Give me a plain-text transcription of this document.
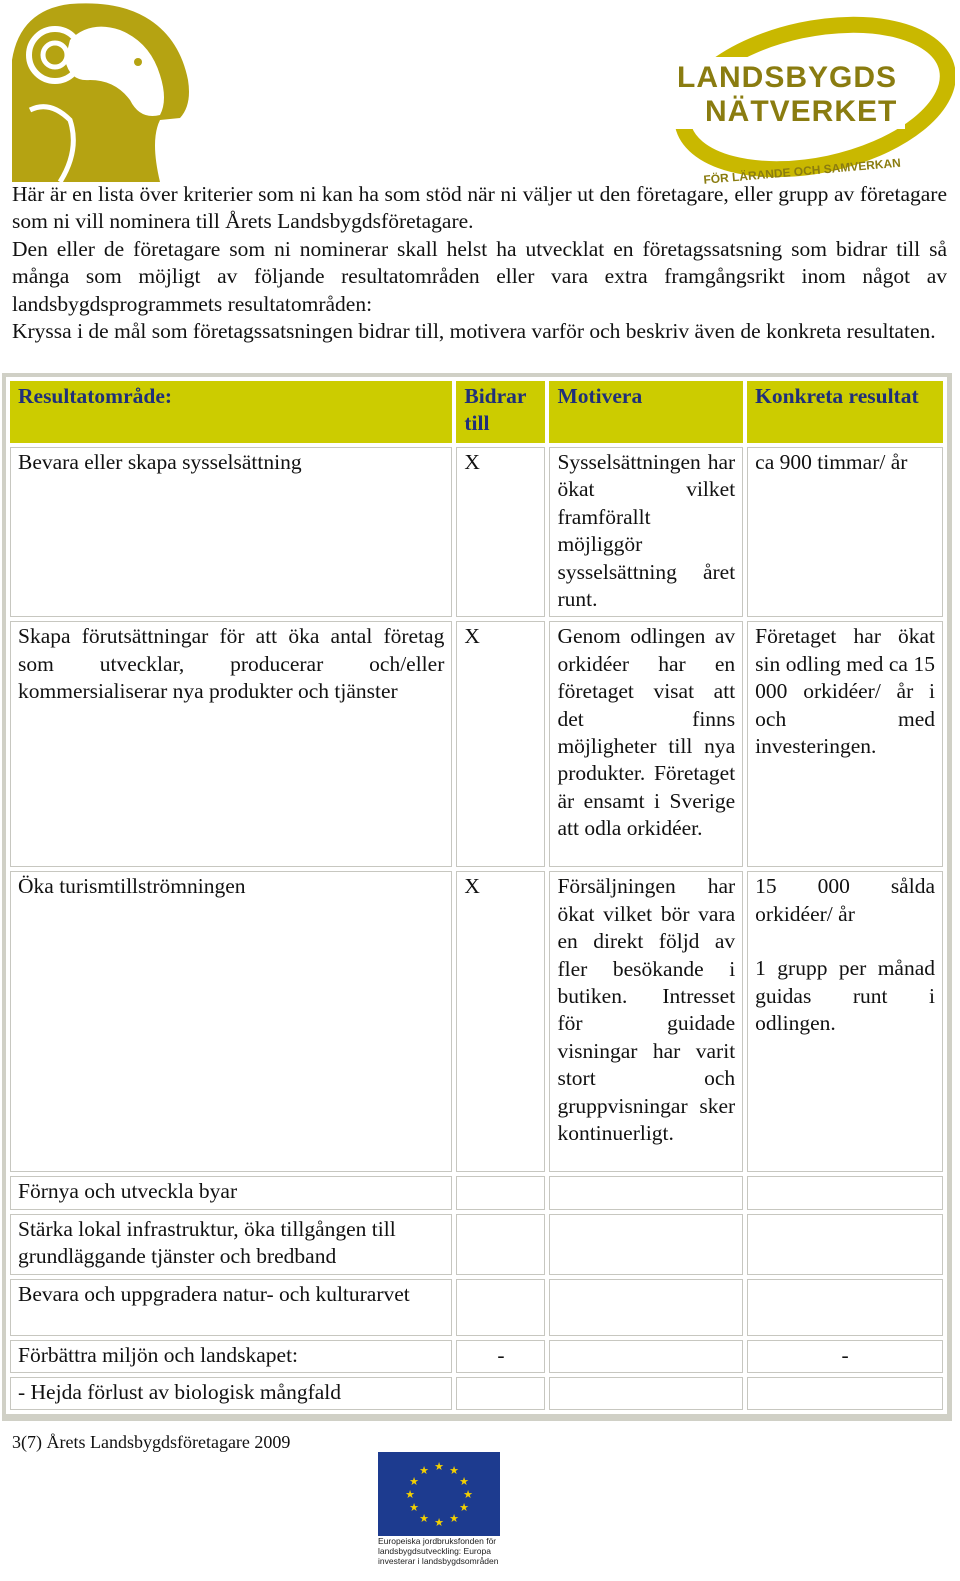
LANDSBYGDS
NÄTVERKET
FÖR LÄRANDE OCH SAMVERKAN

Här är en lista över kriterier som ni kan ha som stöd när ni väljer ut den företagare, eller grupp av företagare som ni vill nominera till Årets Landsbygdsföretagare.

Den eller de företagare som ni nominerar skall helst ha utvecklat en företagssatsning som bidrar till så många som möjligt av följande resultatområden eller vara extra framgångsrikt inom något av landsbygdsprogrammets resultatområden:

Kryssa i de mål som företagssatsningen bidrar till, motivera varför och beskriv även de konkreta resultaten.

Resultatområde:	Bidrar till	Motivera	Konkreta resultat
Bevara eller skapa sysselsättning	X	Sysselsättningen har ökat vilket framförallt möjliggör sysselsättning året runt.	ca 900 timmar/ år
Skapa förutsättningar för att öka antal företag som utvecklar, producerar och/eller kommersialiserar nya produkter och tjänster	X	Genom odlingen av orkidéer har en företaget visat att det finns möjligheter till nya produkter. Företaget är ensamt i Sverige att odla orkidéer.	Företaget har ökat sin odling med ca 15 000 orkidéer/ år i och med investeringen.
Öka turismtillströmningen	X	Försäljningen har ökat vilket bör vara en direkt följd av fler besökande i butiken. Intresset för guidade visningar har varit stort och gruppvisningar sker kontinuerligt.	15 000 sålda orkidéer/ år
1 grupp per månad guidas runt i odlingen.

Förnya och utveckla byar			
Stärka lokal infrastruktur, öka tillgången till grundläggande tjänster och bredband			
Bevara och uppgradera natur- och kulturarvet			
Förbättra miljön och landskapet:	-		-
- Hejda förlust av biologisk mångfald			
3(7) Årets Landsbygdsföretagare 2009
★ ★
★
★
★
★
★
★
★
★
★
★
Europeiska jordbruksfonden för landsbygdsutveckling: Europa investerar i landsbygdsområden
